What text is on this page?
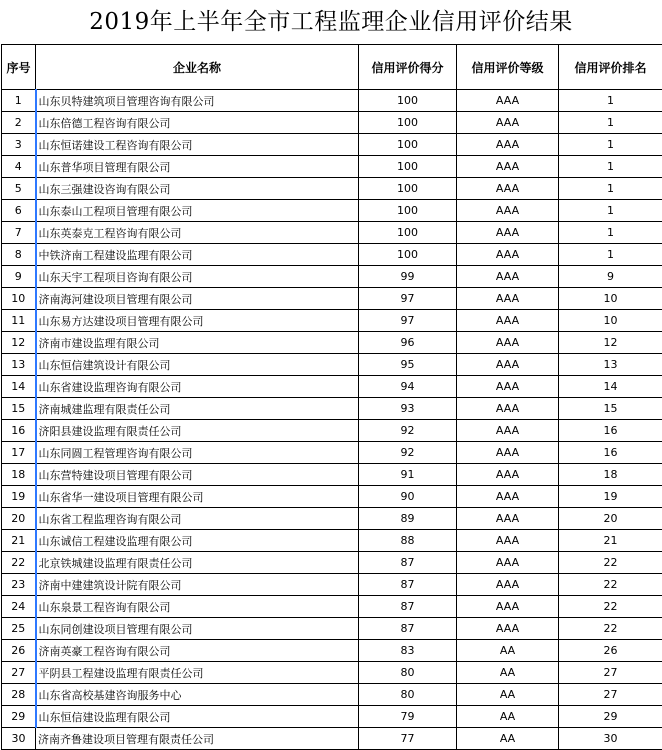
2019年上半年全市工程监理企业信用评价结果
序号	企业名称	信用评价得分	信用评价等级	信用评价排名
1	山东贝特建筑项目管理咨询有限公司	100	AAA	1
2	山东倍德工程咨询有限公司	100	AAA	1
3	山东恒诺建设工程咨询有限公司	100	AAA	1
4	山东普华项目管理有限公司	100	AAA	1
5	山东三强建设咨询有限公司	100	AAA	1
6	山东泰山工程项目管理有限公司	100	AAA	1
7	山东英泰克工程咨询有限公司	100	AAA	1
8	中铁济南工程建设监理有限公司	100	AAA	1
9	山东天宇工程项目咨询有限公司	99	AAA	9
10	济南海河建设项目管理有限公司	97	AAA	10
11	山东易方达建设项目管理有限公司	97	AAA	10
12	济南市建设监理有限公司	96	AAA	12
13	山东恒信建筑设计有限公司	95	AAA	13
14	山东省建设监理咨询有限公司	94	AAA	14
15	济南城建监理有限责任公司	93	AAA	15
16	济阳县建设监理有限责任公司	92	AAA	16
17	山东同圆工程管理咨询有限公司	92	AAA	16
18	山东营特建设项目管理有限公司	91	AAA	18
19	山东省华一建设项目管理有限公司	90	AAA	19
20	山东省工程监理咨询有限公司	89	AAA	20
21	山东诚信工程建设监理有限公司	88	AAA	21
22	北京铁城建设监理有限责任公司	87	AAA	22
23	济南中建建筑设计院有限公司	87	AAA	22
24	山东泉景工程咨询有限公司	87	AAA	22
25	山东同创建设项目管理有限公司	87	AAA	22
26	济南英豪工程咨询有限公司	83	AA	26
27	平阴县工程建设监理有限责任公司	80	AA	27
28	山东省高校基建咨询服务中心	80	AA	27
29	山东恒信建设监理有限公司	79	AA	29
30	济南齐鲁建设项目管理有限责任公司	77	AA	30
